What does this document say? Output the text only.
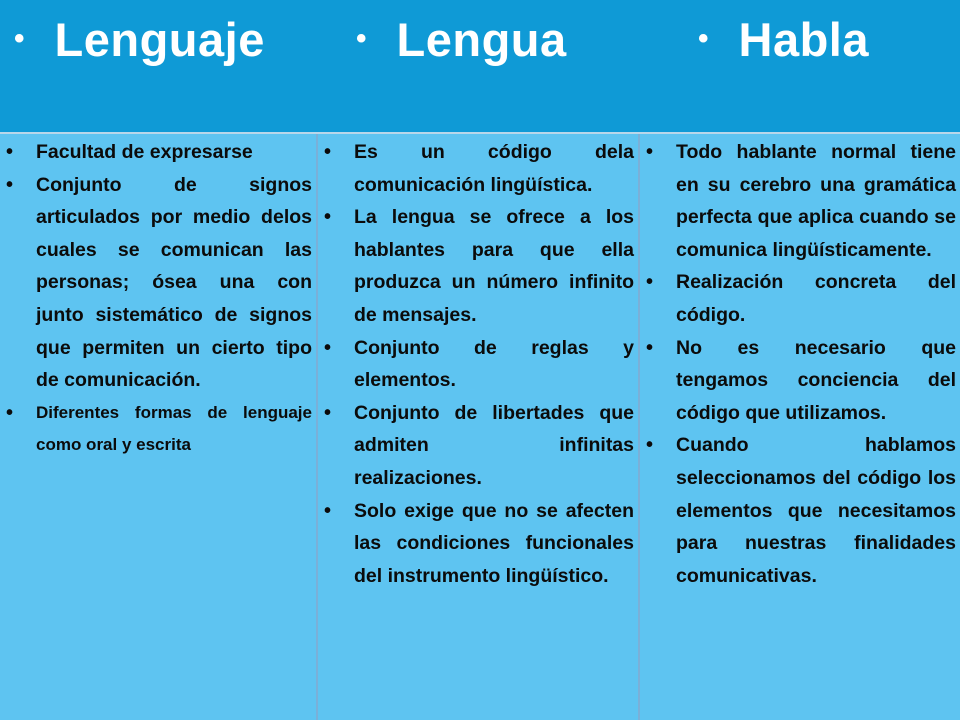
• Lenguaje	• Lengua	• Habla
• Facultad de expresarse
• Conjunto de signos articulados por medio delos cuales se comunican las personas; ósea una con junto sistemático de signos que permiten un cierto tipo de comunicación.
• Diferentes formas de lenguaje como oral y escrita
• Es un código dela comunicación lingüística.
• La lengua se ofrece a los hablantes para que ella produzca un número infinito de mensajes.
• Conjunto de reglas y elementos.
• Conjunto de libertades que admiten infinitas realizaciones.
• Solo exige que no se afecten las condiciones funcionales del instrumento lingüístico.
• Todo hablante normal tiene en su cerebro una gramática perfecta que aplica cuando se comunica lingüísticamente.
• Realización concreta del código.
• No es necesario que tengamos conciencia del código que utilizamos.
• Cuando hablamos seleccionamos del código los elementos que necesitamos para nuestras finalidades comunicativas.
